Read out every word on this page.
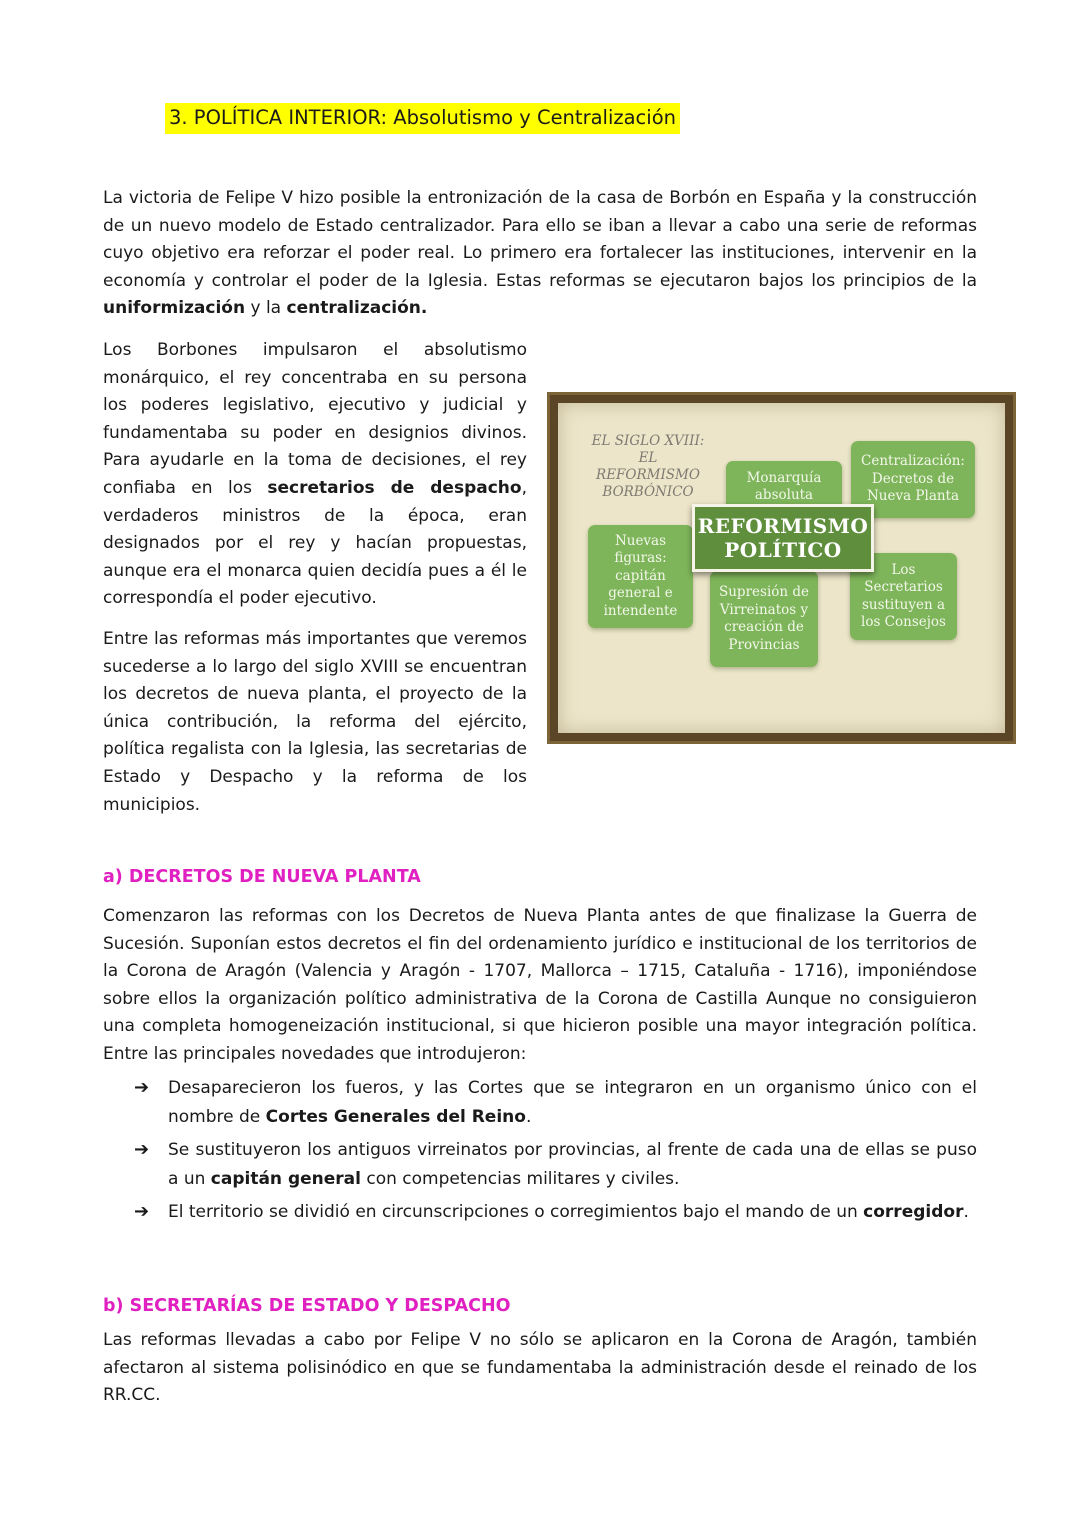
3. POLÍTICA INTERIOR: Absolutismo y Centralización

La victoria de Felipe V hizo posible la entronización de la casa de Borbón en España y la construcción de un nuevo modelo de Estado centralizador. Para ello se iban a llevar a cabo una serie de reformas cuyo objetivo era reforzar el poder real. Lo primero era fortalecer las instituciones, intervenir en la economía y controlar el poder de la Iglesia. Estas reformas se ejecutaron bajos los principios de la uniformización y la centralización.

Los Borbones impulsaron el absolutismo monárquico, el rey concentraba en su persona los poderes legislativo, ejecutivo y judicial y fundamentaba su poder en designios divinos. Para ayudarle en la toma de decisiones, el rey confiaba en los secretarios de despacho, verdaderos ministros de la época, eran designados por el rey y hacían propuestas, aunque era el monarca quien decidía pues a él le correspondía el poder ejecutivo.

Entre las reformas más importantes que veremos sucederse a lo largo del siglo XVIII se encuentran los decretos de nueva planta, el proyecto de la única contribución, la reforma del ejército, política regalista con la Iglesia, las secretarias de Estado y Despacho y la reforma de los municipios.

EL SIGLO XVIII:
EL
REFORMISMO
BORBÓNICO
Monarquía
absoluta
Centralización:
Decretos de
Nueva Planta
Nuevas
figuras:
capitán
general e
intendente
Supresión de
Virreinatos y
creación de
Provincias
Los
Secretarios
sustituyen a
los Consejos
REFORMISMO
POLÍTICO
a) DECRETOS DE NUEVA PLANTA

Comenzaron las reformas con los Decretos de Nueva Planta antes de que finalizase la Guerra de Sucesión. Suponían estos decretos el fin del ordenamiento jurídico e institucional de los territorios de la Corona de Aragón (Valencia y Aragón - 1707, Mallorca – 1715, Cataluña - 1716), imponiéndose sobre ellos la organización político administrativa de la Corona de Castilla Aunque no consiguieron una completa homogeneización institucional, si que hicieron posible una mayor integración política. Entre las principales novedades que introdujeron:

➔ Desaparecieron los fueros, y las Cortes que se integraron en un organismo único con el nombre de Cortes Generales del Reino.
➔ Se sustituyeron los antiguos virreinatos por provincias, al frente de cada una de ellas se puso a un capitán general con competencias militares y civiles.
➔ El territorio se dividió en circunscripciones o corregimientos bajo el mando de un corregidor.
b) SECRETARÍAS DE ESTADO Y DESPACHO

Las reformas llevadas a cabo por Felipe V no sólo se aplicaron en la Corona de Aragón, también afectaron al sistema polisinódico en que se fundamentaba la administración desde el reinado de los RR.CC.
